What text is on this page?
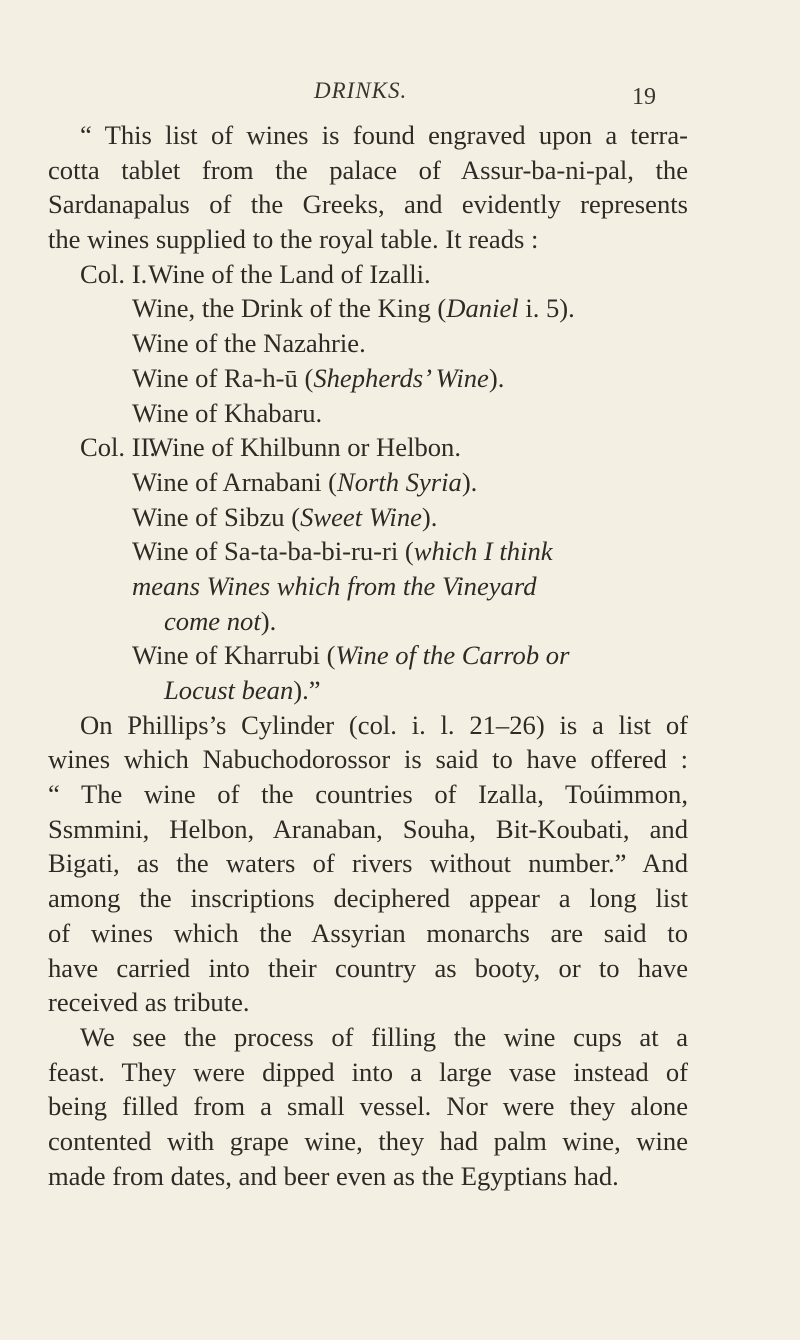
DRINKS.	19
“ This list of wines is found engraved upon a terra-
cotta tablet from the palace of Assur-ba-ni-pal, the
Sardanapalus of the Greeks, and evidently represents
the wines supplied to the royal table. It reads :
Col. I. Wine of the Land of Izalli.
Wine, the Drink of the King (Daniel i. 5).
Wine of the Nazahrie.
Wine of Ra-h-ū (Shepherds’ Wine).
Wine of Khabaru.
Col. II. Wine of Khilbunn or Helbon.
Wine of Arnabani (North Syria).
Wine of Sibzu (Sweet Wine).
Wine of Sa-ta-ba-bi-ru-ri (which I think
means Wines which from the Vineyard
come not).
Wine of Kharrubi (Wine of the Carrob or
Locust bean).”
On Phillips’s Cylinder (col. i. l. 21–26) is a list of
wines which Nabuchodorossor is said to have offered :
“ The wine of the countries of Izalla, Toúimmon,
Ssmmini, Helbon, Aranaban, Souha, Bit-Koubati, and
Bigati, as the waters of rivers without number.” And
among the inscriptions deciphered appear a long list
of wines which the Assyrian monarchs are said to
have carried into their country as booty, or to have
received as tribute.
We see the process of filling the wine cups at a
feast. They were dipped into a large vase instead of
being filled from a small vessel. Nor were they alone
contented with grape wine, they had palm wine, wine
made from dates, and beer even as the Egyptians had.
